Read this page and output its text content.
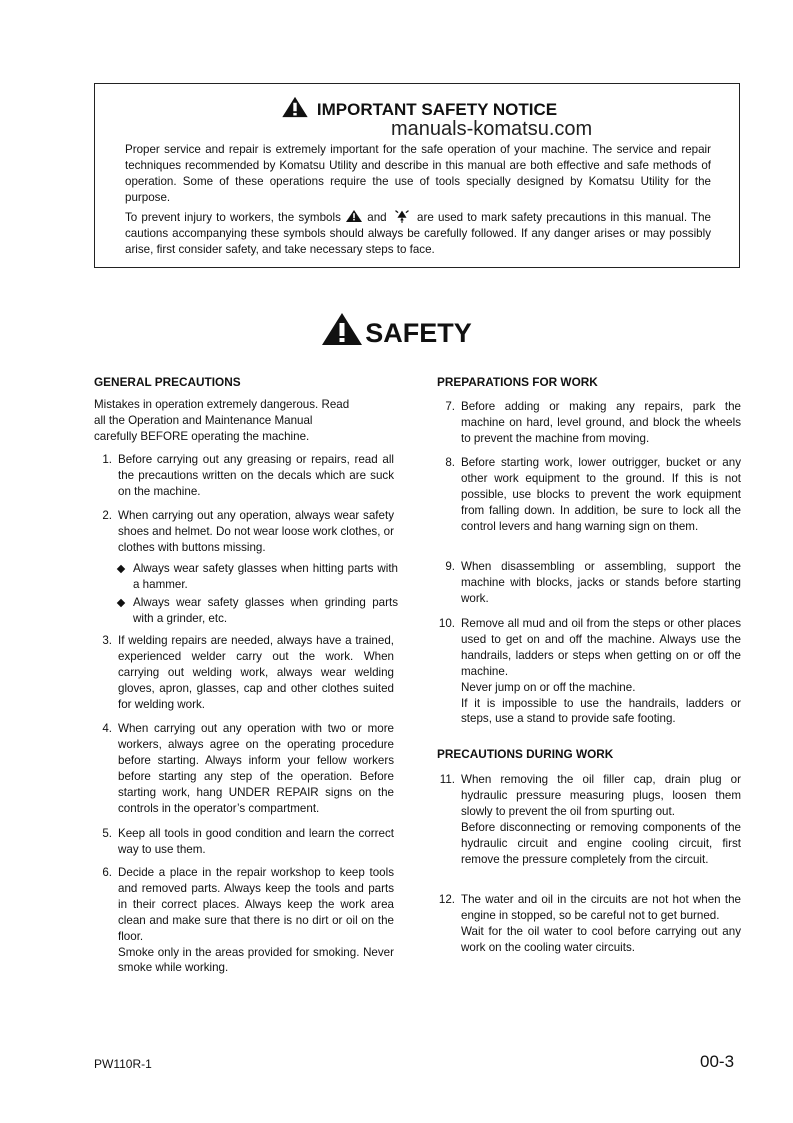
IMPORTANT SAFETY NOTICE
manuals-komatsu.com
Proper service and repair is extremely important for the safe operation of your machine. The service and repair techniques recommended by Komatsu Utility and describe in this manual are both effective and safe methods of operation. Some of these operations require the use of tools specially designed by Komatsu Utility for the purpose.
To prevent injury to workers, the symbols and	are used to mark safety precautions in this manual. The cautions accompanying these symbols should always be carefully followed. If any danger arises or may possibly arise, first consider safety, and take necessary steps to face.
SAFETY
GENERAL PRECAUTIONS
Mistakes in operation extremely dangerous. Read all the Operation and Maintenance Manual carefully BEFORE operating the machine.
1. Before carrying out any greasing or repairs, read all the precautions written on the decals which are suck on the machine.
2. When carrying out any operation, always wear safety shoes and helmet. Do not wear loose work clothes, or clothes with buttons missing.
Always wear safety glasses when hitting parts with a hammer.
Always wear safety glasses when grinding parts with a grinder, etc.
3. If welding repairs are needed, always have a trained, experienced welder carry out the work. When carrying out welding work, always wear welding gloves, apron, glasses, cap and other clothes suited for welding work.
4. When carrying out any operation with two or more workers, always agree on the operating procedure before starting. Always inform your fellow workers before starting any step of the operation. Before starting work, hang UNDER REPAIR signs on the controls in the operator’s compartment.
5. Keep all tools in good condition and learn the correct way to use them.
6. Decide a place in the repair workshop to keep tools and removed parts. Always keep the tools and parts in their correct places. Always keep the work area clean and make sure that there is no dirt or oil on the floor.
Smoke only in the areas provided for smoking. Never smoke while working.
PREPARATIONS FOR WORK
7. Before adding or making any repairs, park the machine on hard, level ground, and block the wheels to prevent the machine from moving.
8. Before starting work, lower outrigger, bucket or any other work equipment to the ground. If this is not possible, use blocks to prevent the work equipment from falling down. In addition, be sure to lock all the control levers and hang warning sign on them.
9. When disassembling or assembling, support the machine with blocks, jacks or stands before starting work.
10. Remove all mud and oil from the steps or other places used to get on and off the machine. Always use the handrails, ladders or steps when getting on or off the machine.
Never jump on or off the machine.
If it is impossible to use the handrails, ladders or steps, use a stand to provide safe footing.
PRECAUTIONS DURING WORK
11. When removing the oil filler cap, drain plug or hydraulic pressure measuring plugs, loosen them slowly to prevent the oil from spurting out.
Before disconnecting or removing components of the hydraulic circuit and engine cooling circuit, first remove the pressure completely from the circuit.
12. The water and oil in the circuits are not hot when the engine in stopped, so be careful not to get burned.
Wait for the oil water to cool before carrying out any work on the cooling water circuits.
PW110R-1	00-3
